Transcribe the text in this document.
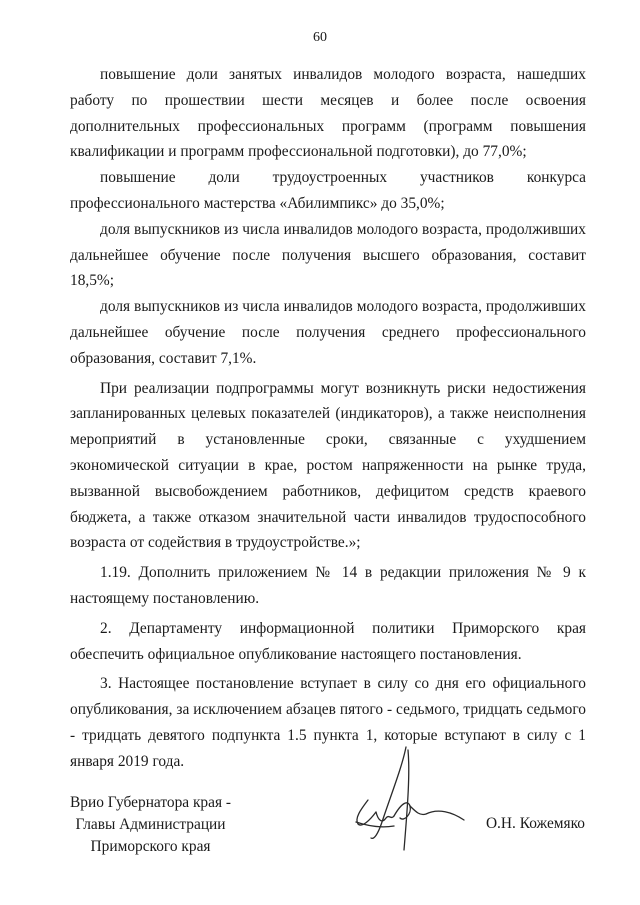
60

повышение доли занятых инвалидов молодого возраста, нашедших работу по прошествии шести месяцев и более после освоения дополнительных профессиональных программ (программ повышения квалификации и программ профессиональной подготовки), до 77,0%;

повышение доли трудоустроенных участников конкурса профессионального мастерства «Абилимпикс» до 35,0%;

доля выпускников из числа инвалидов молодого возраста, продолживших дальнейшее обучение после получения высшего образования, составит 18,5%;

доля выпускников из числа инвалидов молодого возраста, продолживших дальнейшее обучение после получения среднего профессионального образования, составит 7,1%.

При реализации подпрограммы могут возникнуть риски недостижения запланированных целевых показателей (индикаторов), а также неисполнения мероприятий в установленные сроки, связанные с ухудшением экономической ситуации в крае, ростом напряженности на рынке труда, вызванной высвобождением работников, дефицитом средств краевого бюджета, а также отказом значительной части инвалидов трудоспособного возраста от содействия в трудоустройстве.»;

1.19. Дополнить приложением № 14 в редакции приложения № 9 к настоящему постановлению.

2. Департаменту информационной политики Приморского края обеспечить официальное опубликование настоящего постановления.

3. Настоящее постановление вступает в силу со дня его официального опубликования, за исключением абзацев пятого - седьмого, тридцать седьмого - тридцать девятого подпункта 1.5 пункта 1, которые вступают в силу с 1 января 2019 года.

Врио Губернатора края -
Главы Администрации
Приморского края
О.Н. Кожемяко
